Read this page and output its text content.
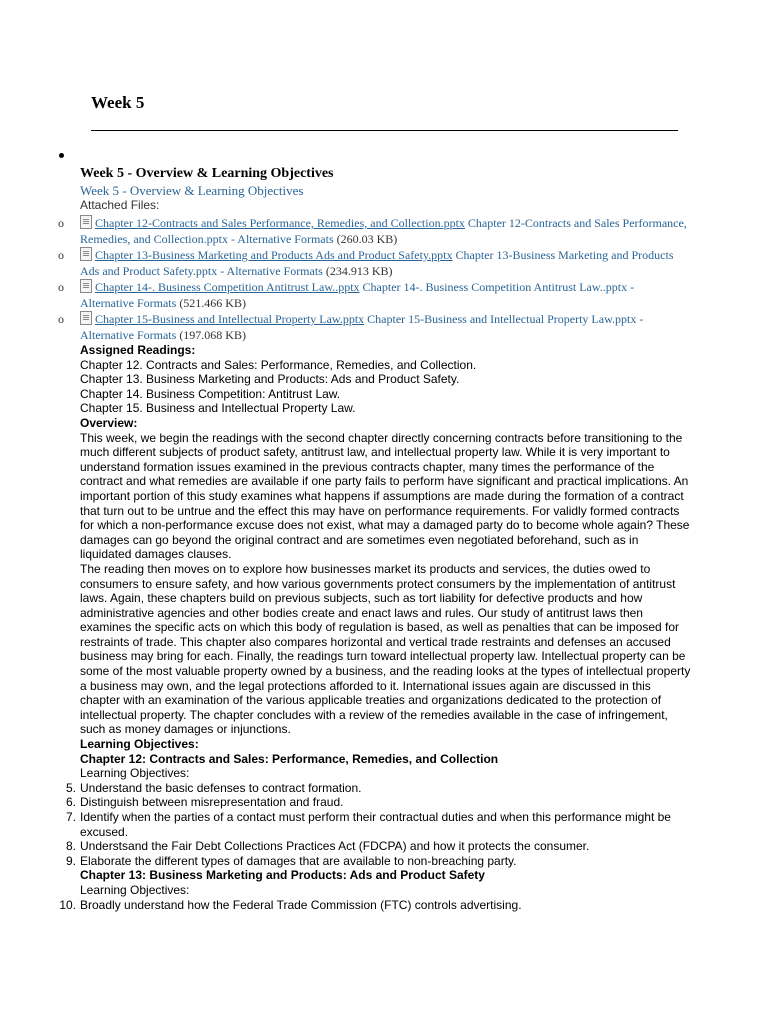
Week 5
Week 5 - Overview & Learning Objectives
Week 5 - Overview & Learning Objectives
Attached Files:
o	Chapter 12-Contracts and Sales Performance, Remedies, and Collection.pptx Chapter 12-Contracts and Sales Performance, Remedies, and Collection.pptx - Alternative Formats (260.03 KB)
o	Chapter 13-Business Marketing and Products Ads and Product Safety.pptx Chapter 13-Business Marketing and Products Ads and Product Safety.pptx - Alternative Formats (234.913 KB)
o	Chapter 14-. Business Competition Antitrust Law..pptx Chapter 14-. Business Competition Antitrust Law..pptx - Alternative Formats (521.466 KB)
o	Chapter 15-Business and Intellectual Property Law.pptx Chapter 15-Business and Intellectual Property Law.pptx - Alternative Formats (197.068 KB)

Assigned Readings:

Chapter 12. Contracts and Sales: Performance, Remedies, and Collection.

Chapter 13. Business Marketing and Products: Ads and Product Safety.

Chapter 14. Business Competition: Antitrust Law.

Chapter 15. Business and Intellectual Property Law.

Overview:

This week, we begin the readings with the second chapter directly concerning contracts before transitioning to the much different subjects of product safety, antitrust law, and intellectual property law. While it is very important to understand formation issues examined in the previous contracts chapter, many times the performance of the contract and what remedies are available if one party fails to perform have significant and practical implications. An important portion of this study examines what happens if assumptions are made during the formation of a contract that turn out to be untrue and the effect this may have on performance requirements. For validly formed contracts for which a non-performance excuse does not exist, what may a damaged party do to become whole again? These damages can go beyond the original contract and are sometimes even negotiated beforehand, such as in liquidated damages clauses.

The reading then moves on to explore how businesses market its products and services, the duties owed to consumers to ensure safety, and how various governments protect consumers by the implementation of antitrust laws. Again, these chapters build on previous subjects, such as tort liability for defective products and how administrative agencies and other bodies create and enact laws and rules. Our study of antitrust laws then examines the specific acts on which this body of regulation is based, as well as penalties that can be imposed for restraints of trade. This chapter also compares horizontal and vertical trade restraints and defenses an accused business may bring for each. Finally, the readings turn toward intellectual property law. Intellectual property can be some of the most valuable property owned by a business, and the reading looks at the types of intellectual property a business may own, and the legal protections afforded to it. International issues again are discussed in this chapter with an examination of the various applicable treaties and organizations dedicated to the protection of intellectual property. The chapter concludes with a review of the remedies available in the case of infringement, such as money damages or injunctions.

Learning Objectives:

Chapter 12: Contracts and Sales: Performance, Remedies, and Collection

Learning Objectives:

5. Understand the basic defenses to contract formation.
6. Distinguish between misrepresentation and fraud.
7. Identify when the parties of a contact must perform their contractual duties and when this performance might be excused.
8. Understsand the Fair Debt Collections Practices Act (FDCPA) and how it protects the consumer.
9. Elaborate the different types of damages that are available to non-breaching party.

Chapter 13: Business Marketing and Products: Ads and Product Safety

Learning Objectives:

10. Broadly understand how the Federal Trade Commission (FTC) controls advertising.
